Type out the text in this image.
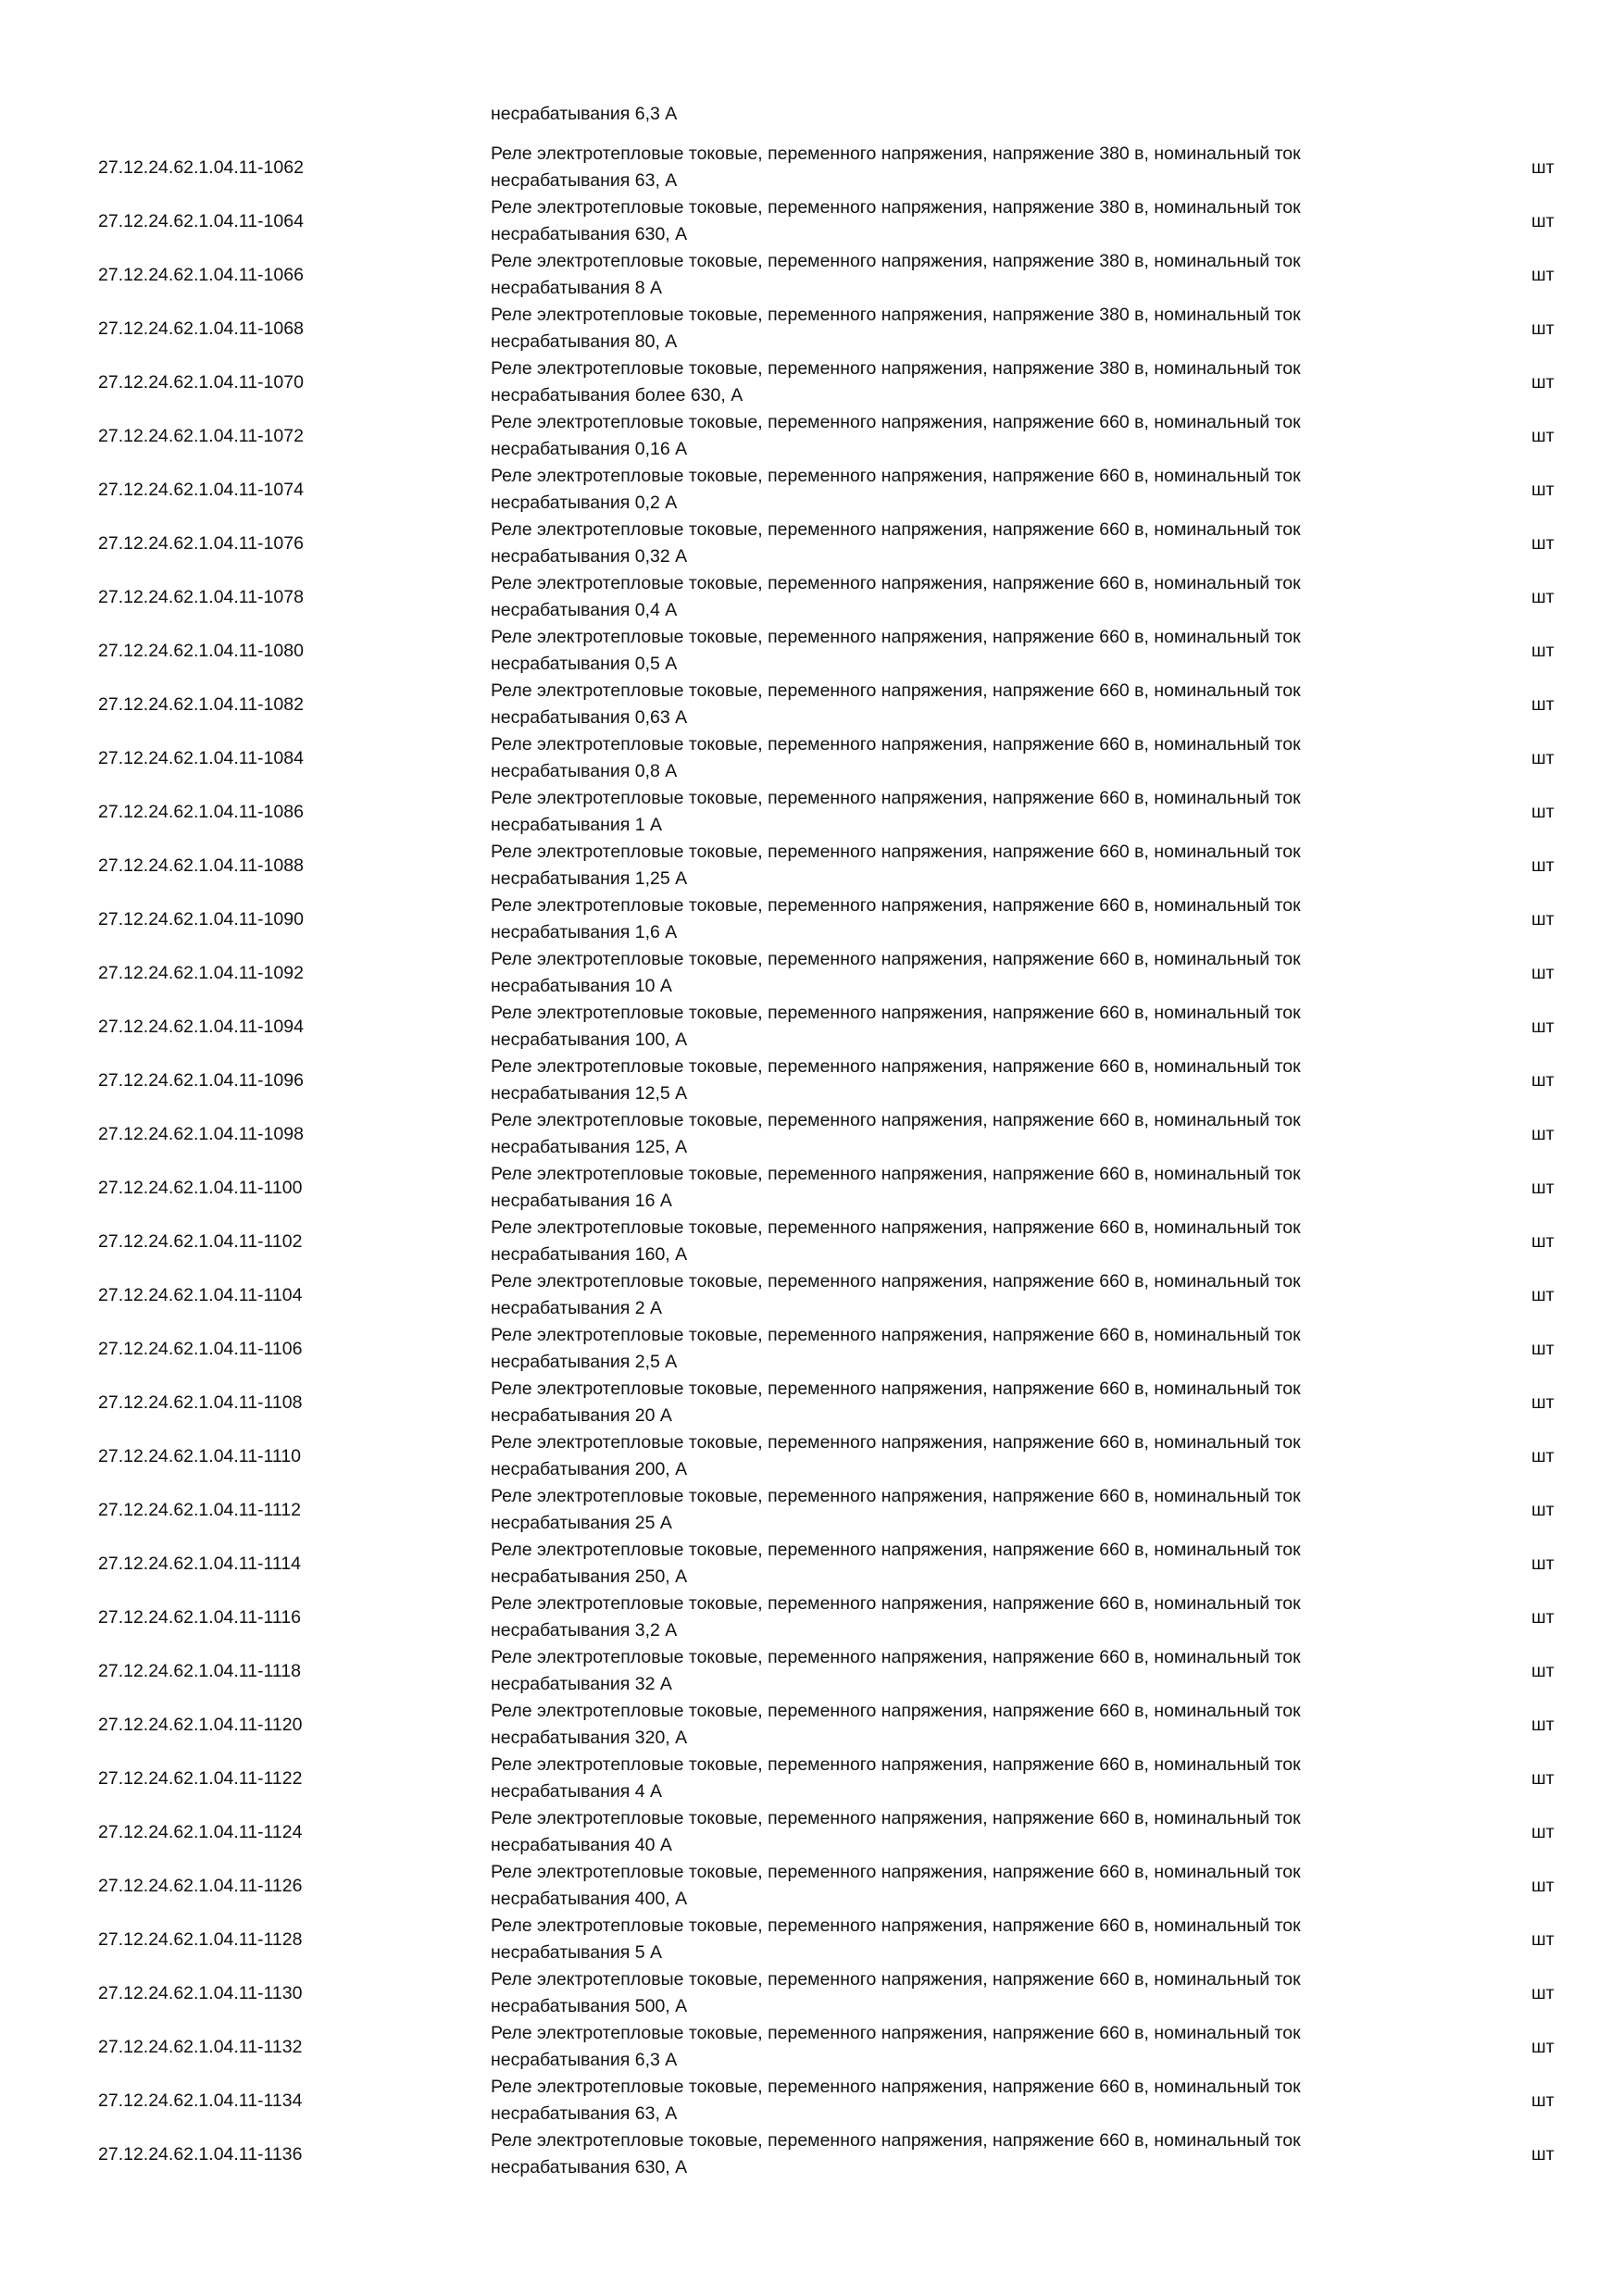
несрабатывания 6,3 А
27.12.24.62.1.04.11-1062
Реле электротепловые токовые, переменного напряжения, напряжение 380 в, номинальный ток
несрабатывания 63, А
шт
27.12.24.62.1.04.11-1064
Реле электротепловые токовые, переменного напряжения, напряжение 380 в, номинальный ток
несрабатывания 630, А
шт
27.12.24.62.1.04.11-1066
Реле электротепловые токовые, переменного напряжения, напряжение 380 в, номинальный ток
несрабатывания 8 А
шт
27.12.24.62.1.04.11-1068
Реле электротепловые токовые, переменного напряжения, напряжение 380 в, номинальный ток
несрабатывания 80, А
шт
27.12.24.62.1.04.11-1070
Реле электротепловые токовые, переменного напряжения, напряжение 380 в, номинальный ток
несрабатывания более 630, А
шт
27.12.24.62.1.04.11-1072
Реле электротепловые токовые, переменного напряжения, напряжение 660 в, номинальный ток
несрабатывания 0,16 А
шт
27.12.24.62.1.04.11-1074
Реле электротепловые токовые, переменного напряжения, напряжение 660 в, номинальный ток
несрабатывания 0,2 А
шт
27.12.24.62.1.04.11-1076
Реле электротепловые токовые, переменного напряжения, напряжение 660 в, номинальный ток
несрабатывания 0,32 А
шт
27.12.24.62.1.04.11-1078
Реле электротепловые токовые, переменного напряжения, напряжение 660 в, номинальный ток
несрабатывания 0,4 А
шт
27.12.24.62.1.04.11-1080
Реле электротепловые токовые, переменного напряжения, напряжение 660 в, номинальный ток
несрабатывания 0,5 А
шт
27.12.24.62.1.04.11-1082
Реле электротепловые токовые, переменного напряжения, напряжение 660 в, номинальный ток
несрабатывания 0,63 А
шт
27.12.24.62.1.04.11-1084
Реле электротепловые токовые, переменного напряжения, напряжение 660 в, номинальный ток
несрабатывания 0,8 А
шт
27.12.24.62.1.04.11-1086
Реле электротепловые токовые, переменного напряжения, напряжение 660 в, номинальный ток
несрабатывания 1 А
шт
27.12.24.62.1.04.11-1088
Реле электротепловые токовые, переменного напряжения, напряжение 660 в, номинальный ток
несрабатывания 1,25 А
шт
27.12.24.62.1.04.11-1090
Реле электротепловые токовые, переменного напряжения, напряжение 660 в, номинальный ток
несрабатывания 1,6 А
шт
27.12.24.62.1.04.11-1092
Реле электротепловые токовые, переменного напряжения, напряжение 660 в, номинальный ток
несрабатывания 10 А
шт
27.12.24.62.1.04.11-1094
Реле электротепловые токовые, переменного напряжения, напряжение 660 в, номинальный ток
несрабатывания 100, А
шт
27.12.24.62.1.04.11-1096
Реле электротепловые токовые, переменного напряжения, напряжение 660 в, номинальный ток
несрабатывания 12,5 А
шт
27.12.24.62.1.04.11-1098
Реле электротепловые токовые, переменного напряжения, напряжение 660 в, номинальный ток
несрабатывания 125, А
шт
27.12.24.62.1.04.11-1100
Реле электротепловые токовые, переменного напряжения, напряжение 660 в, номинальный ток
несрабатывания 16 А
шт
27.12.24.62.1.04.11-1102
Реле электротепловые токовые, переменного напряжения, напряжение 660 в, номинальный ток
несрабатывания 160, А
шт
27.12.24.62.1.04.11-1104
Реле электротепловые токовые, переменного напряжения, напряжение 660 в, номинальный ток
несрабатывания 2 А
шт
27.12.24.62.1.04.11-1106
Реле электротепловые токовые, переменного напряжения, напряжение 660 в, номинальный ток
несрабатывания 2,5 А
шт
27.12.24.62.1.04.11-1108
Реле электротепловые токовые, переменного напряжения, напряжение 660 в, номинальный ток
несрабатывания 20 А
шт
27.12.24.62.1.04.11-1110
Реле электротепловые токовые, переменного напряжения, напряжение 660 в, номинальный ток
несрабатывания 200, А
шт
27.12.24.62.1.04.11-1112
Реле электротепловые токовые, переменного напряжения, напряжение 660 в, номинальный ток
несрабатывания 25 А
шт
27.12.24.62.1.04.11-1114
Реле электротепловые токовые, переменного напряжения, напряжение 660 в, номинальный ток
несрабатывания 250, А
шт
27.12.24.62.1.04.11-1116
Реле электротепловые токовые, переменного напряжения, напряжение 660 в, номинальный ток
несрабатывания 3,2 А
шт
27.12.24.62.1.04.11-1118
Реле электротепловые токовые, переменного напряжения, напряжение 660 в, номинальный ток
несрабатывания 32 А
шт
27.12.24.62.1.04.11-1120
Реле электротепловые токовые, переменного напряжения, напряжение 660 в, номинальный ток
несрабатывания 320, А
шт
27.12.24.62.1.04.11-1122
Реле электротепловые токовые, переменного напряжения, напряжение 660 в, номинальный ток
несрабатывания 4 А
шт
27.12.24.62.1.04.11-1124
Реле электротепловые токовые, переменного напряжения, напряжение 660 в, номинальный ток
несрабатывания 40 А
шт
27.12.24.62.1.04.11-1126
Реле электротепловые токовые, переменного напряжения, напряжение 660 в, номинальный ток
несрабатывания 400, А
шт
27.12.24.62.1.04.11-1128
Реле электротепловые токовые, переменного напряжения, напряжение 660 в, номинальный ток
несрабатывания 5 А
шт
27.12.24.62.1.04.11-1130
Реле электротепловые токовые, переменного напряжения, напряжение 660 в, номинальный ток
несрабатывания 500, А
шт
27.12.24.62.1.04.11-1132
Реле электротепловые токовые, переменного напряжения, напряжение 660 в, номинальный ток
несрабатывания 6,3 А
шт
27.12.24.62.1.04.11-1134
Реле электротепловые токовые, переменного напряжения, напряжение 660 в, номинальный ток
несрабатывания 63, А
шт
27.12.24.62.1.04.11-1136
Реле электротепловые токовые, переменного напряжения, напряжение 660 в, номинальный ток
несрабатывания 630, А
шт
